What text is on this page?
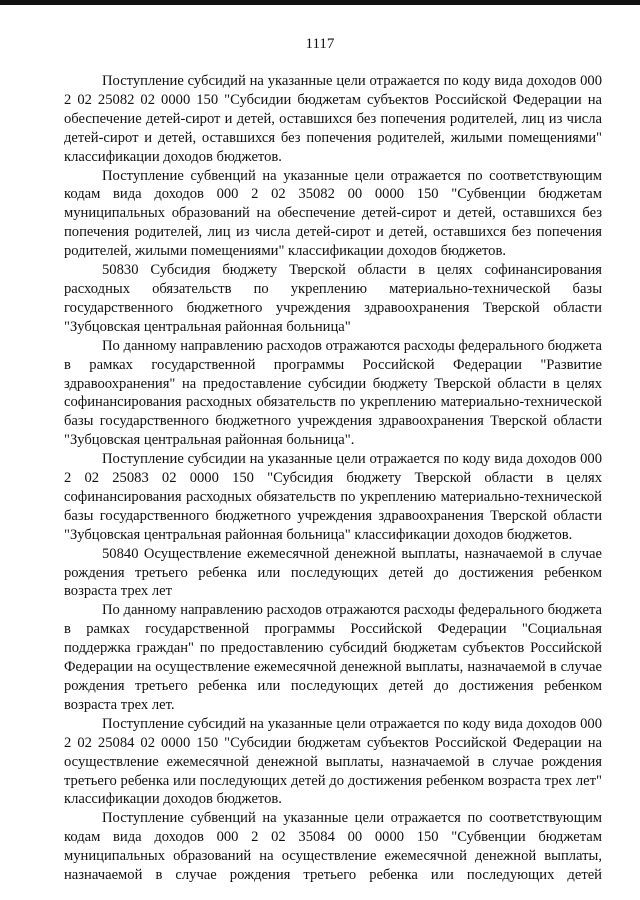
1117

Поступление субсидий на указанные цели отражается по коду вида доходов 000 2 02 25082 02 0000 150 "Субсидии бюджетам субъектов Российской Федерации на обеспечение детей-сирот и детей, оставшихся без попечения родителей, лиц из числа детей-сирот и детей, оставшихся без попечения родителей, жилыми помещениями" классификации доходов бюджетов.

Поступление субвенций на указанные цели отражается по соответствующим кодам вида доходов 000 2 02 35082 00 0000 150 "Субвенции бюджетам муниципальных образований на обеспечение детей-сирот и детей, оставшихся без попечения родителей, лиц из числа детей-сирот и детей, оставшихся без попечения родителей, жилыми помещениями" классификации доходов бюджетов.

50830 Субсидия бюджету Тверской области в целях софинансирования расходных обязательств по укреплению материально-технической базы государственного бюджетного учреждения здравоохранения Тверской области "Зубцовская центральная районная больница"

По данному направлению расходов отражаются расходы федерального бюджета в рамках государственной программы Российской Федерации "Развитие здравоохранения" на предоставление субсидии бюджету Тверской области в целях софинансирования расходных обязательств по укреплению материально-технической базы государственного бюджетного учреждения здравоохранения Тверской области "Зубцовская центральная районная больница".

Поступление субсидии на указанные цели отражается по коду вида доходов 000 2 02 25083 02 0000 150 "Субсидия бюджету Тверской области в целях софинансирования расходных обязательств по укреплению материально-технической базы государственного бюджетного учреждения здравоохранения Тверской области "Зубцовская центральная районная больница" классификации доходов бюджетов.

50840 Осуществление ежемесячной денежной выплаты, назначаемой в случае рождения третьего ребенка или последующих детей до достижения ребенком возраста трех лет

По данному направлению расходов отражаются расходы федерального бюджета в рамках государственной программы Российской Федерации "Социальная поддержка граждан" по предоставлению субсидий бюджетам субъектов Российской Федерации на осуществление ежемесячной денежной выплаты, назначаемой в случае рождения третьего ребенка или последующих детей до достижения ребенком возраста трех лет.

Поступление субсидий на указанные цели отражается по коду вида доходов 000 2 02 25084 02 0000 150 "Субсидии бюджетам субъектов Российской Федерации на осуществление ежемесячной денежной выплаты, назначаемой в случае рождения третьего ребенка или последующих детей до достижения ребенком возраста трех лет" классификации доходов бюджетов.

Поступление субвенций на указанные цели отражается по соответствующим кодам вида доходов 000 2 02 35084 00 0000 150 "Субвенции бюджетам муниципальных образований на осуществление ежемесячной денежной выплаты, назначаемой в случае рождения третьего ребенка или последующих детей
